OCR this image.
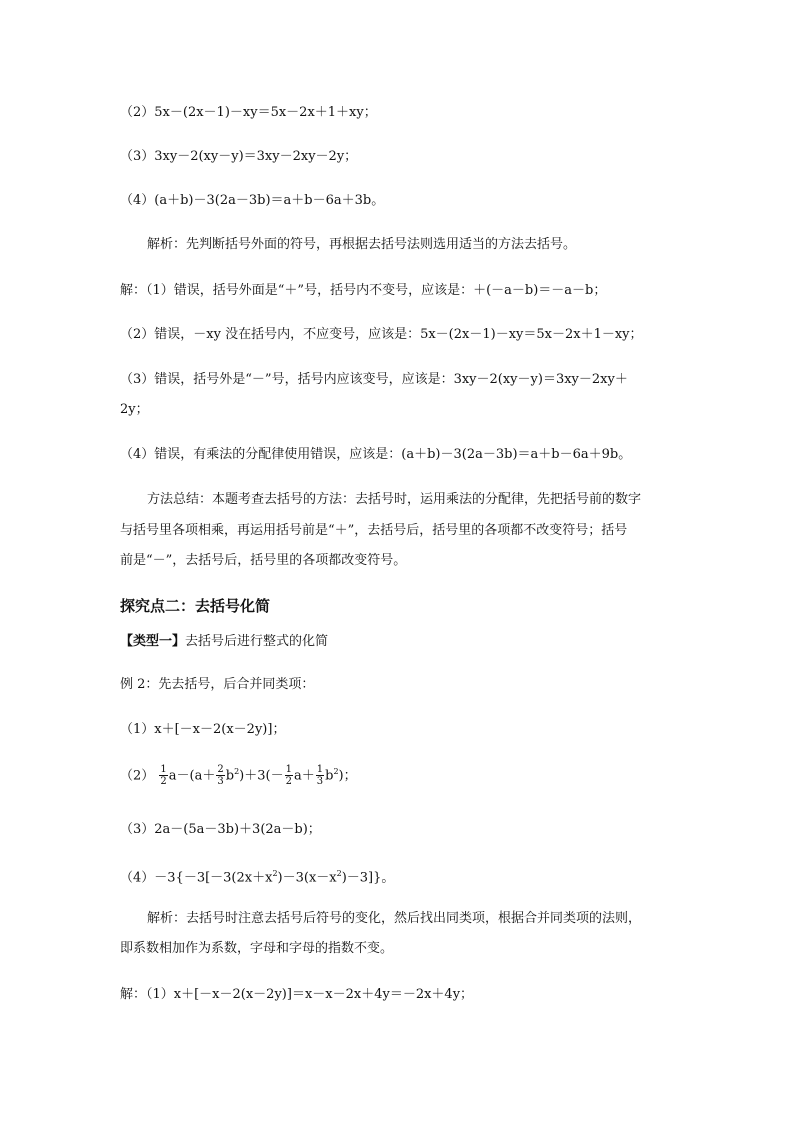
（2）5x－(2x－1)－xy＝5x－2x＋1＋xy；
（3）3xy－2(xy－y)＝3xy－2xy－2y；
（4）(a＋b)－3(2a－3b)＝a＋b－6a＋3b。
解析：先判断括号外面的符号，再根据去括号法则选用适当的方法去括号。
解：（1）错误，括号外面是“＋”号，括号内不变号，应该是：＋(－a－b)＝－a－b；
（2）错误，－xy 没在括号内，不应变号，应该是：5x－(2x－1)－xy＝5x－2x＋1－xy；
（3）错误，括号外是“－”号，括号内应该变号，应该是：3xy－2(xy－y)＝3xy－2xy＋
2y；
（4）错误，有乘法的分配律使用错误，应该是：(a＋b)－3(2a－3b)＝a＋b－6a＋9b。
方法总结：本题考查去括号的方法：去括号时，运用乘法的分配律，先把括号前的数字
与括号里各项相乘，再运用括号前是“＋”，去括号后，括号里的各项都不改变符号；括号
前是“－”，去括号后，括号里的各项都改变符号。
探究点二：去括号化简
【类型一】去括号后进行整式的化简
例 2：先去括号，后合并同类项：
（1）x＋[－x－2(x－2y)]；
$(2) \frac{1}{2} a-(a+ \frac{2}{3} b^2)+3(- \frac{1}{2} a+ \frac{1}{3} b^2)$；
（3）2a－(5a－3b)＋3(2a－b)；
$(4)-3\{-3[-3(2x+x^2)-3(x-x^2)-3]\}$。
解析：去括号时注意去括号后符号的变化，然后找出同类项，根据合并同类项的法则，
即系数相加作为系数，字母和字母的指数不变。
解：（1）x＋[－x－2(x－2y)]＝x－x－2x＋4y＝－2x＋4y；
